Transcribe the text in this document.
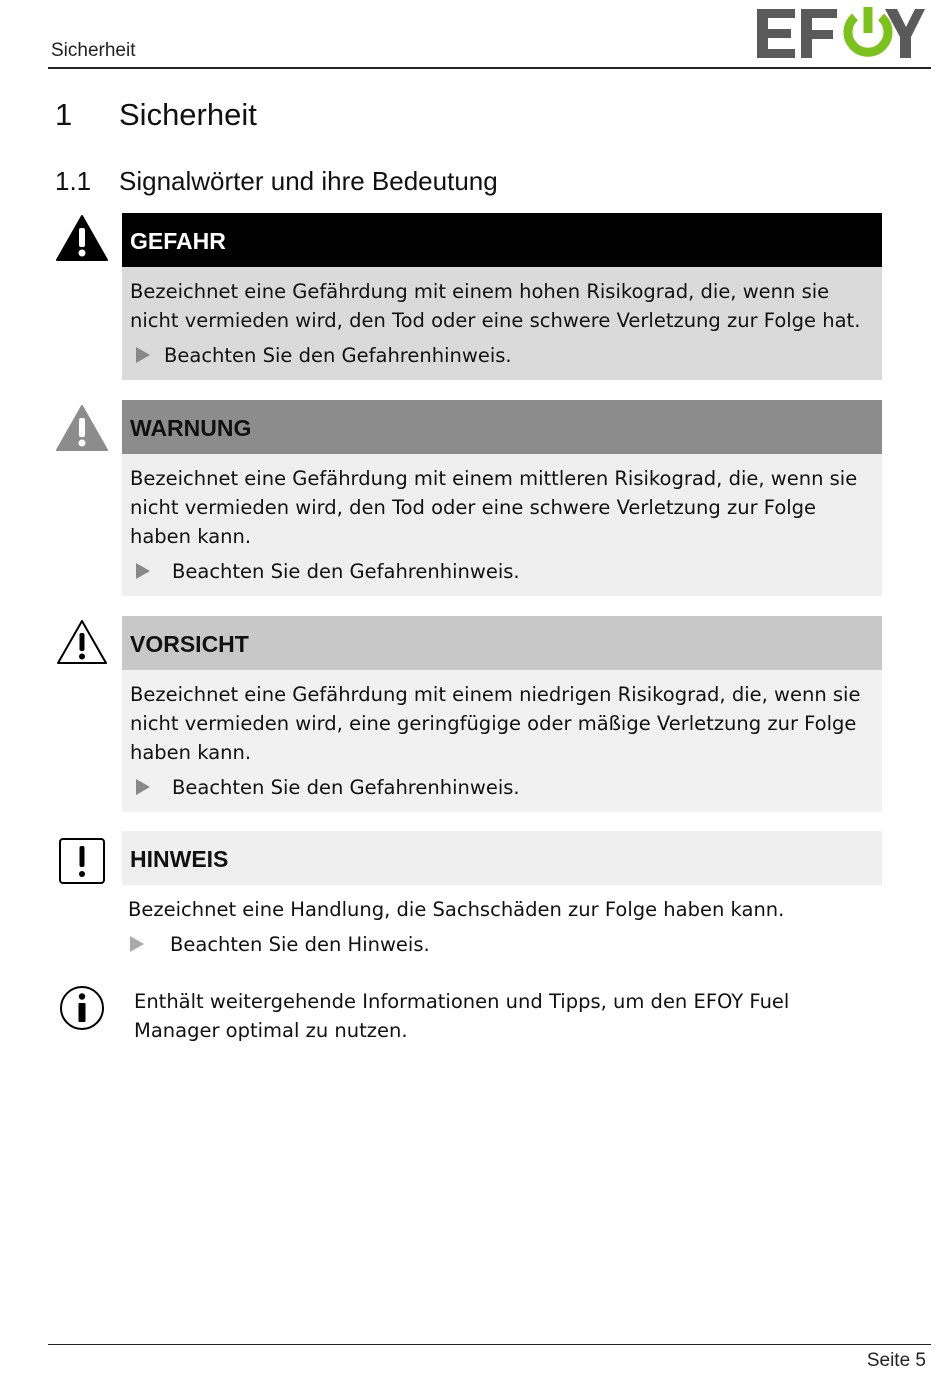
Sicherheit
1 Sicherheit
1.1 Signalwörter und ihre Bedeutung
GEFAHR
Bezeichnet eine Gefährdung mit einem hohen Risikograd, die, wenn sie nicht vermieden wird, den Tod oder eine schwere Verletzung zur Folge hat.
Beachten Sie den Gefahrenhinweis.
WARNUNG
Bezeichnet eine Gefährdung mit einem mittleren Risikograd, die, wenn sie nicht vermieden wird, den Tod oder eine schwere Verletzung zur Folge haben kann.
Beachten Sie den Gefahrenhinweis.
VORSICHT
Bezeichnet eine Gefährdung mit einem niedrigen Risikograd, die, wenn sie nicht vermieden wird, eine geringfügige oder mäßige Verletzung zur Folge haben kann.
Beachten Sie den Gefahrenhinweis.
HINWEIS
Bezeichnet eine Handlung, die Sachschäden zur Folge haben kann.
Beachten Sie den Hinweis.
Enthält weitergehende Informationen und Tipps, um den EFOY Fuel Manager optimal zu nutzen.
Seite 5
